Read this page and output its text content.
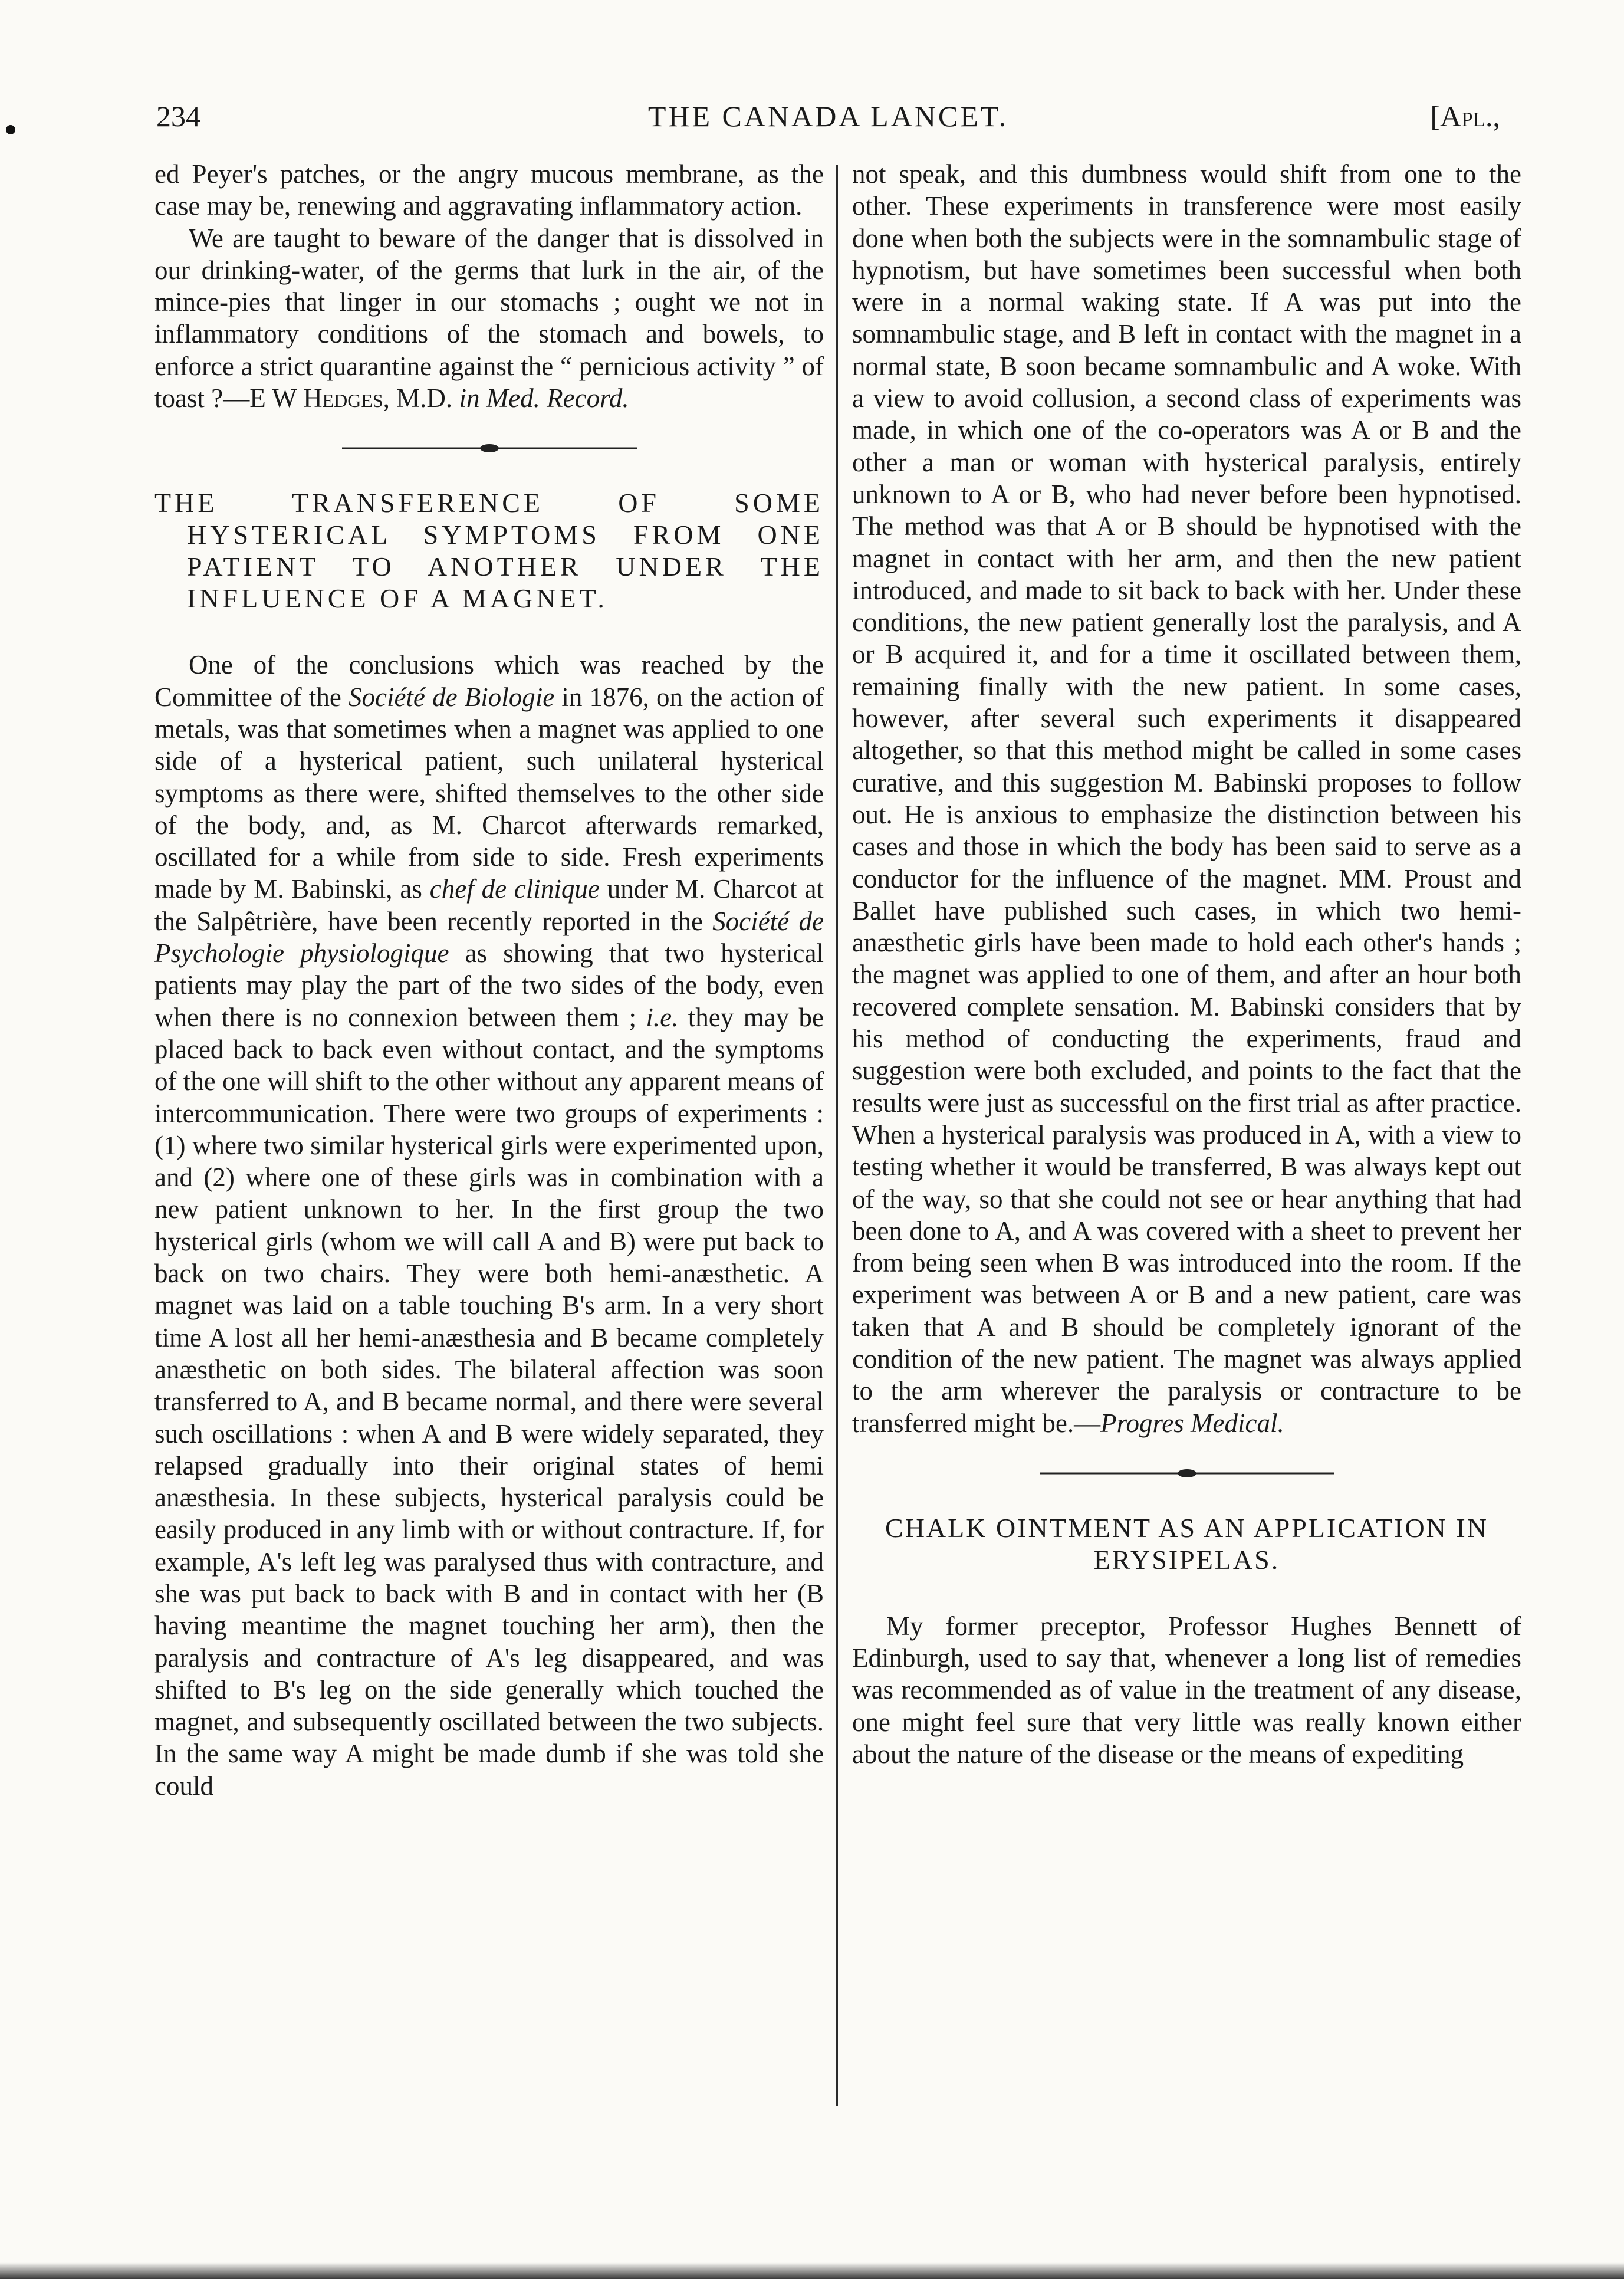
234	THE CANADA LANCET.	[Apl.,

ed Peyer's patches, or the angry mucous membrane, as the case may be, renewing and aggravating inflammatory action.

We are taught to beware of the danger that is dissolved in our drinking-water, of the germs that lurk in the air, of the mince-pies that linger in our stomachs ; ought we not in inflammatory conditions of the stomach and bowels, to enforce a strict quarantine against the “ pernicious activity ” of toast ?—E W Hedges, M.D. in Med. Record.

THE TRANSFERENCE OF SOME
HYSTERICAL SYMPTOMS FROM ONE PATIENT TO ANOTHER UNDER THE INFLUENCE OF A MAGNET.

One of the conclusions which was reached by the Committee of the Société de Biologie in 1876, on the action of metals, was that sometimes when a magnet was applied to one side of a hysterical patient, such unilateral hysterical symptoms as there were, shifted themselves to the other side of the body, and, as M. Charcot afterwards remarked, oscillated for a while from side to side. Fresh experiments made by M. Babinski, as chef de clinique under M. Charcot at the Salpêtrière, have been recently reported in the Société de Psychologie physiologique as showing that two hysterical patients may play the part of the two sides of the body, even when there is no connexion between them ; i.e. they may be placed back to back even without contact, and the symptoms of the one will shift to the other without any apparent means of intercommunication. There were two groups of experiments : (1) where two similar hysterical girls were experimented upon, and (2) where one of these girls was in combination with a new patient unknown to her. In the first group the two hysterical girls (whom we will call A and B) were put back to back on two chairs. They were both hemi-anæsthetic. A magnet was laid on a table touching B's arm. In a very short time A lost all her hemi-anæsthesia and B became completely anæsthetic on both sides. The bilateral affection was soon transferred to A, and B became normal, and there were several such oscillations : when A and B were widely separated, they relapsed gradually into their original states of hemi anæsthesia. In these subjects, hysterical paralysis could be easily produced in any limb with or without contracture. If, for example, A's left leg was paralysed thus with contracture, and she was put back to back with B and in contact with her (B having meantime the magnet touching her arm), then the paralysis and contracture of A's leg disappeared, and was shifted to B's leg on the side generally which touched the magnet, and subsequently oscillated between the two subjects. In the same way A might be made dumb if she was told she could

not speak, and this dumbness would shift from one to the other. These experiments in transference were most easily done when both the subjects were in the somnambulic stage of hypnotism, but have sometimes been successful when both were in a normal waking state. If A was put into the somnambulic stage, and B left in contact with the magnet in a normal state, B soon became somnambulic and A woke. With a view to avoid collusion, a second class of experiments was made, in which one of the co-operators was A or B and the other a man or woman with hysterical paralysis, entirely unknown to A or B, who had never before been hypnotised. The method was that A or B should be hypnotised with the magnet in contact with her arm, and then the new patient introduced, and made to sit back to back with her. Under these conditions, the new patient generally lost the paralysis, and A or B acquired it, and for a time it oscillated between them, remaining finally with the new patient. In some cases, however, after several such experiments it disappeared altogether, so that this method might be called in some cases curative, and this suggestion M. Babinski proposes to follow out. He is anxious to emphasize the distinction between his cases and those in which the body has been said to serve as a conductor for the influence of the magnet. MM. Proust and Ballet have published such cases, in which two hemi-anæsthetic girls have been made to hold each other's hands ; the magnet was applied to one of them, and after an hour both recovered complete sensation. M. Babinski considers that by his method of conducting the experiments, fraud and suggestion were both excluded, and points to the fact that the results were just as successful on the first trial as after practice. When a hysterical paralysis was produced in A, with a view to testing whether it would be transferred, B was always kept out of the way, so that she could not see or hear anything that had been done to A, and A was covered with a sheet to prevent her from being seen when B was introduced into the room. If the experiment was between A or B and a new patient, care was taken that A and B should be completely ignorant of the condition of the new patient. The magnet was always applied to the arm wherever the paralysis or contracture to be transferred might be.—Progres Medical.

CHALK OINTMENT AS AN APPLICATION IN ERYSIPELAS.

My former preceptor, Professor Hughes Bennett of Edinburgh, used to say that, whenever a long list of remedies was recommended as of value in the treatment of any disease, one might feel sure that very little was really known either about the nature of the disease or the means of expediting
